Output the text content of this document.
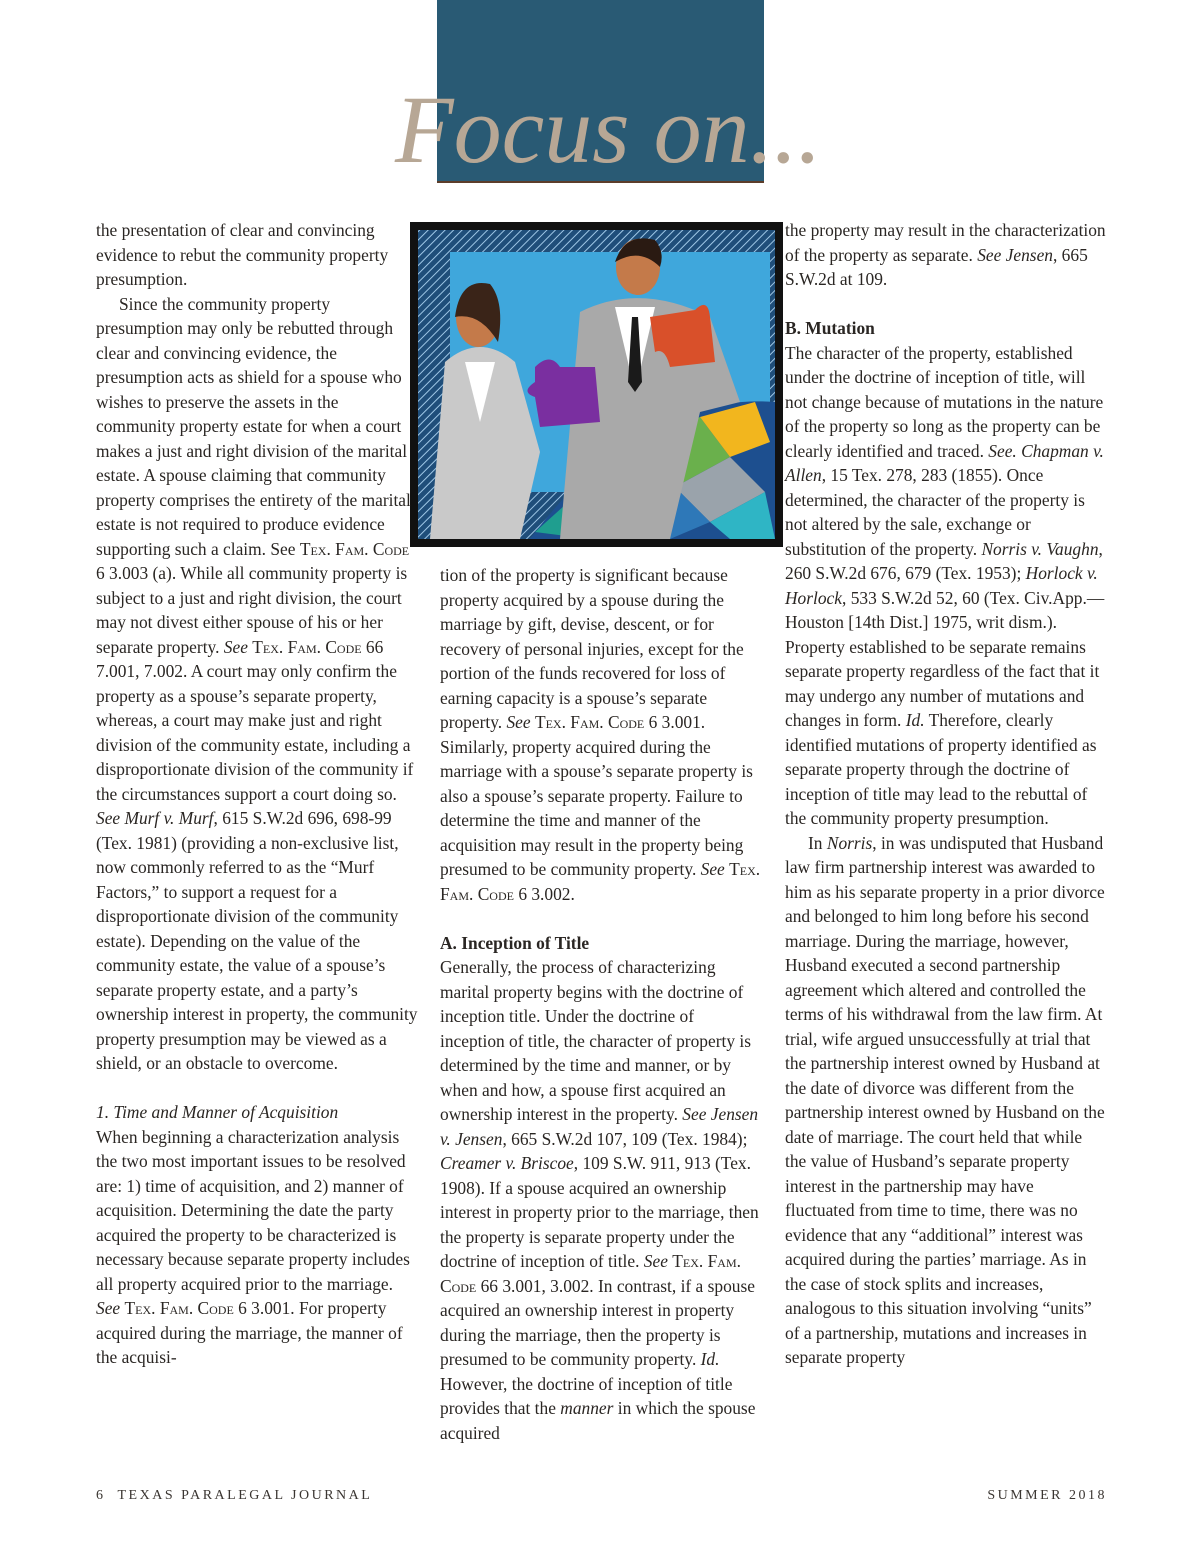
Focus on...

the presentation of clear and convincing evidence to rebut the community property presumption.

Since the community property presumption may only be rebutted through clear and convincing evidence, the presumption acts as shield for a spouse who wishes to preserve the assets in the community property estate for when a court makes a just and right division of the marital estate. A spouse claiming that community property comprises the entirety of the marital estate is not required to produce evidence supporting such a claim. See Tex. Fam. Code 6 3.003 (a). While all community property is subject to a just and right division, the court may not divest either spouse of his or her separate property. See Tex. Fam. Code 66 7.001, 7.002. A court may only confirm the property as a spouse’s separate property, whereas, a court may make just and right division of the community estate, including a disproportionate division of the community if the circumstances support a court doing so. See Murf v. Murf, 615 S.W.2d 696, 698-99 (Tex. 1981) (providing a non-exclusive list, now commonly referred to as the “Murf Factors,” to support a request for a disproportionate division of the community estate). Depending on the value of the community estate, the value of a spouse’s separate property estate, and a party’s ownership interest in property, the community property presumption may be viewed as a shield, or an obstacle to overcome.

1. Time and Manner of Acquisition

When beginning a characterization analysis the two most important issues to be resolved are: 1) time of acquisition, and 2) manner of acquisition. Determining the date the party acquired the property to be characterized is necessary because separate property includes all property acquired prior to the marriage. See Tex. Fam. Code 6 3.001. For property acquired during the marriage, the manner of the acquisi-

tion of the property is significant because property acquired by a spouse during the marriage by gift, devise, descent, or for recovery of personal injuries, except for the portion of the funds recovered for loss of earning capacity is a spouse’s separate property. See Tex. Fam. Code 6 3.001. Similarly, property acquired during the marriage with a spouse’s separate property is also a spouse’s separate property. Failure to determine the time and manner of the acquisition may result in the property being presumed to be community property. See Tex. Fam. Code 6 3.002.

A. Inception of Title

Generally, the process of characterizing marital property begins with the doctrine of inception title. Under the doctrine of inception of title, the character of property is determined by the time and manner, or by when and how, a spouse first acquired an ownership interest in the property. See Jensen v. Jensen, 665 S.W.2d 107, 109 (Tex. 1984); Creamer v. Briscoe, 109 S.W. 911, 913 (Tex. 1908). If a spouse acquired an ownership interest in property prior to the marriage, then the property is separate property under the doctrine of inception of title. See Tex. Fam. Code 66 3.001, 3.002. In contrast, if a spouse acquired an ownership interest in property during the marriage, then the property is presumed to be community property. Id. However, the doctrine of inception of title provides that the manner in which the spouse acquired

the property may result in the characterization of the property as separate. See Jensen, 665 S.W.2d at 109.

B. Mutation

The character of the property, established under the doctrine of inception of title, will not change because of mutations in the nature of the property so long as the property can be clearly identified and traced. See. Chapman v. Allen, 15 Tex. 278, 283 (1855). Once determined, the character of the property is not altered by the sale, exchange or substitution of the property. Norris v. Vaughn, 260 S.W.2d 676, 679 (Tex. 1953); Horlock v. Horlock, 533 S.W.2d 52, 60 (Tex. Civ.App.—Houston [14th Dist.] 1975, writ dism.). Property established to be separate remains separate property regardless of the fact that it may undergo any number of mutations and changes in form. Id. Therefore, clearly identified mutations of property identified as separate property through the doctrine of inception of title may lead to the rebuttal of the community property presumption.

In Norris, in was undisputed that Husband law firm partnership interest was awarded to him as his separate property in a prior divorce and belonged to him long before his second marriage. During the marriage, however, Husband executed a second partnership agreement which altered and controlled the terms of his withdrawal from the law firm. At trial, wife argued unsuccessfully at trial that the partnership interest owned by Husband at the date of divorce was different from the partnership interest owned by Husband on the date of marriage. The court held that while the value of Husband’s separate property interest in the partnership may have fluctuated from time to time, there was no evidence that any “additional” interest was acquired during the parties’ marriage. As in the case of stock splits and increases, analogous to this situation involving “units” of a partnership, mutations and increases in separate property

6 TEXAS PARALEGAL JOURNAL	SUMMER 2018
